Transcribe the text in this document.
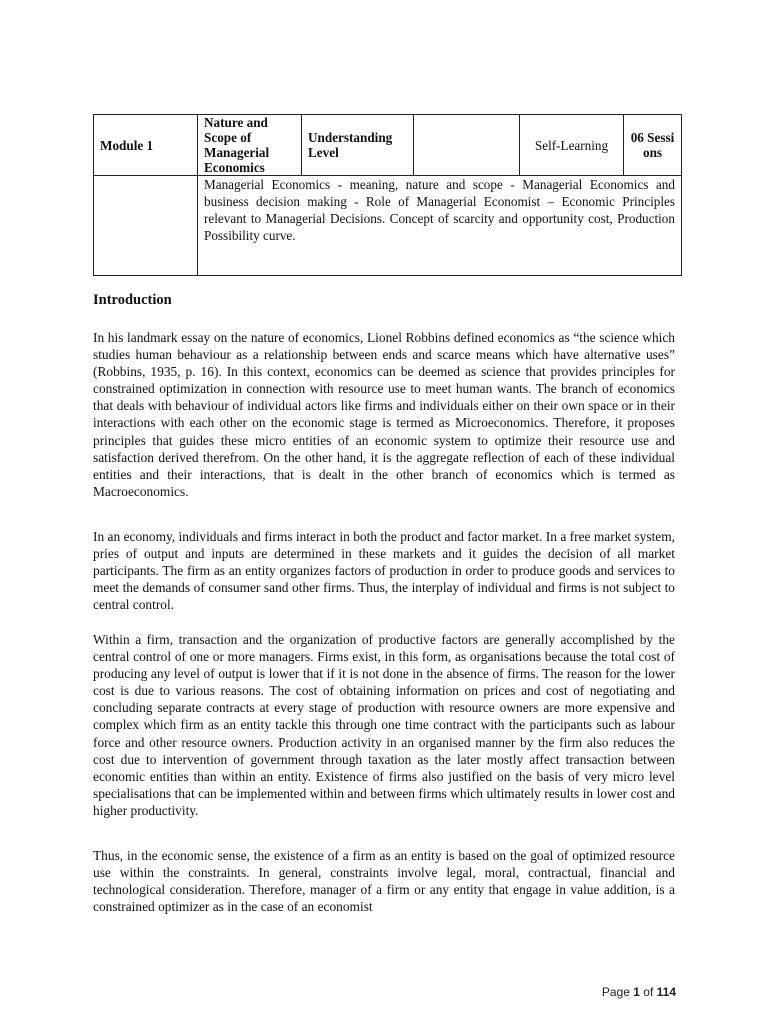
Module 1	Nature and Scope of Managerial Economics	Understanding Level		Self-Learning	06 Sessions
	Managerial Economics - meaning, nature and scope - Managerial Economics and business decision making - Role of Managerial Economist – Economic Principles relevant to Managerial Decisions. Concept of scarcity and opportunity cost, Production Possibility curve.				
Introduction

In his landmark essay on the nature of economics, Lionel Robbins defined economics as “the science which studies human behaviour as a relationship between ends and scarce means which have alternative uses” (Robbins, 1935, p. 16). In this context, economics can be deemed as science that provides principles for constrained optimization in connection with resource use to meet human wants. The branch of economics that deals with behaviour of individual actors like firms and individuals either on their own space or in their interactions with each other on the economic stage is termed as Microeconomics. Therefore, it proposes principles that guides these micro entities of an economic system to optimize their resource use and satisfaction derived therefrom. On the other hand, it is the aggregate reflection of each of these individual entities and their interactions, that is dealt in the other branch of economics which is termed as Macroeconomics.

In an economy, individuals and firms interact in both the product and factor market. In a free market system, pries of output and inputs are determined in these markets and it guides the decision of all market participants. The firm as an entity organizes factors of production in order to produce goods and services to meet the demands of consumer sand other firms. Thus, the interplay of individual and firms is not subject to central control.

Within a firm, transaction and the organization of productive factors are generally accomplished by the central control of one or more managers. Firms exist, in this form, as organisations because the total cost of producing any level of output is lower that if it is not done in the absence of firms. The reason for the lower cost is due to various reasons. The cost of obtaining information on prices and cost of negotiating and concluding separate contracts at every stage of production with resource owners are more expensive and complex which firm as an entity tackle this through one time contract with the participants such as labour force and other resource owners. Production activity in an organised manner by the firm also reduces the cost due to intervention of government through taxation as the later mostly affect transaction between economic entities than within an entity. Existence of firms also justified on the basis of very micro level specialisations that can be implemented within and between firms which ultimately results in lower cost and higher productivity.

Thus, in the economic sense, the existence of a firm as an entity is based on the goal of optimized resource use within the constraints. In general, constraints involve legal, moral, contractual, financial and technological consideration. Therefore, manager of a firm or any entity that engage in value addition, is a constrained optimizer as in the case of an economist

Page 1 of 114
